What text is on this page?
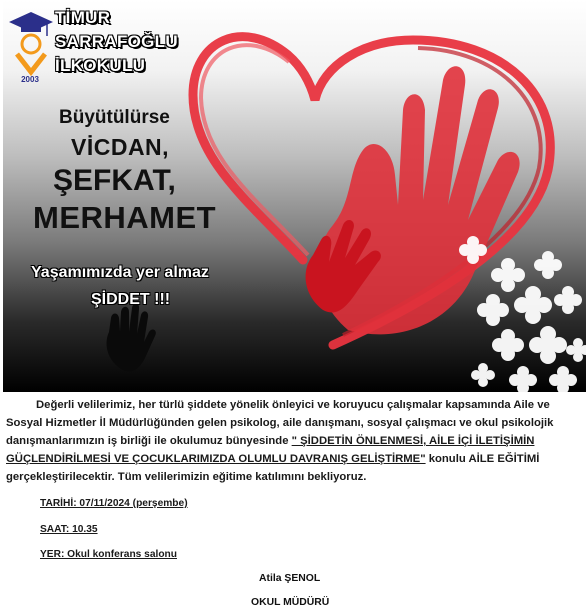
2003
TİMUR
SARRAFOĞLU
İLKOKULU
Büyütülürse
VİCDAN,
ŞEFKAT,
MERHAMET
Yaşamımızda yer almaz
ŞİDDET !!!

Değerli velilerimiz, her türlü şiddete yönelik önleyici ve koruyucu çalışmalar kapsamında Aile ve Sosyal Hizmetler İl Müdürlüğünden gelen psikolog, aile danışmanı, sosyal çalışmacı ve okul psikolojik danışmanlarımızın iş birliği ile okulumuz bünyesinde " ŞİDDETİN ÖNLENMESİ, AİLE İÇİ İLETİŞİMİN GÜÇLENDİRİLMESİ VE ÇOCUKLARIMIZDA OLUMLU DAVRANIŞ GELİŞTİRME" konulu AİLE EĞİTİMİ gerçekleştirilecektir. Tüm velilerimizin eğitime katılımını bekliyoruz.

TARİHİ: 07/11/2024 (perşembe)
SAAT: 10.35
YER: Okul konferans salonu
Atila ŞENOL
OKUL MÜDÜRÜ
